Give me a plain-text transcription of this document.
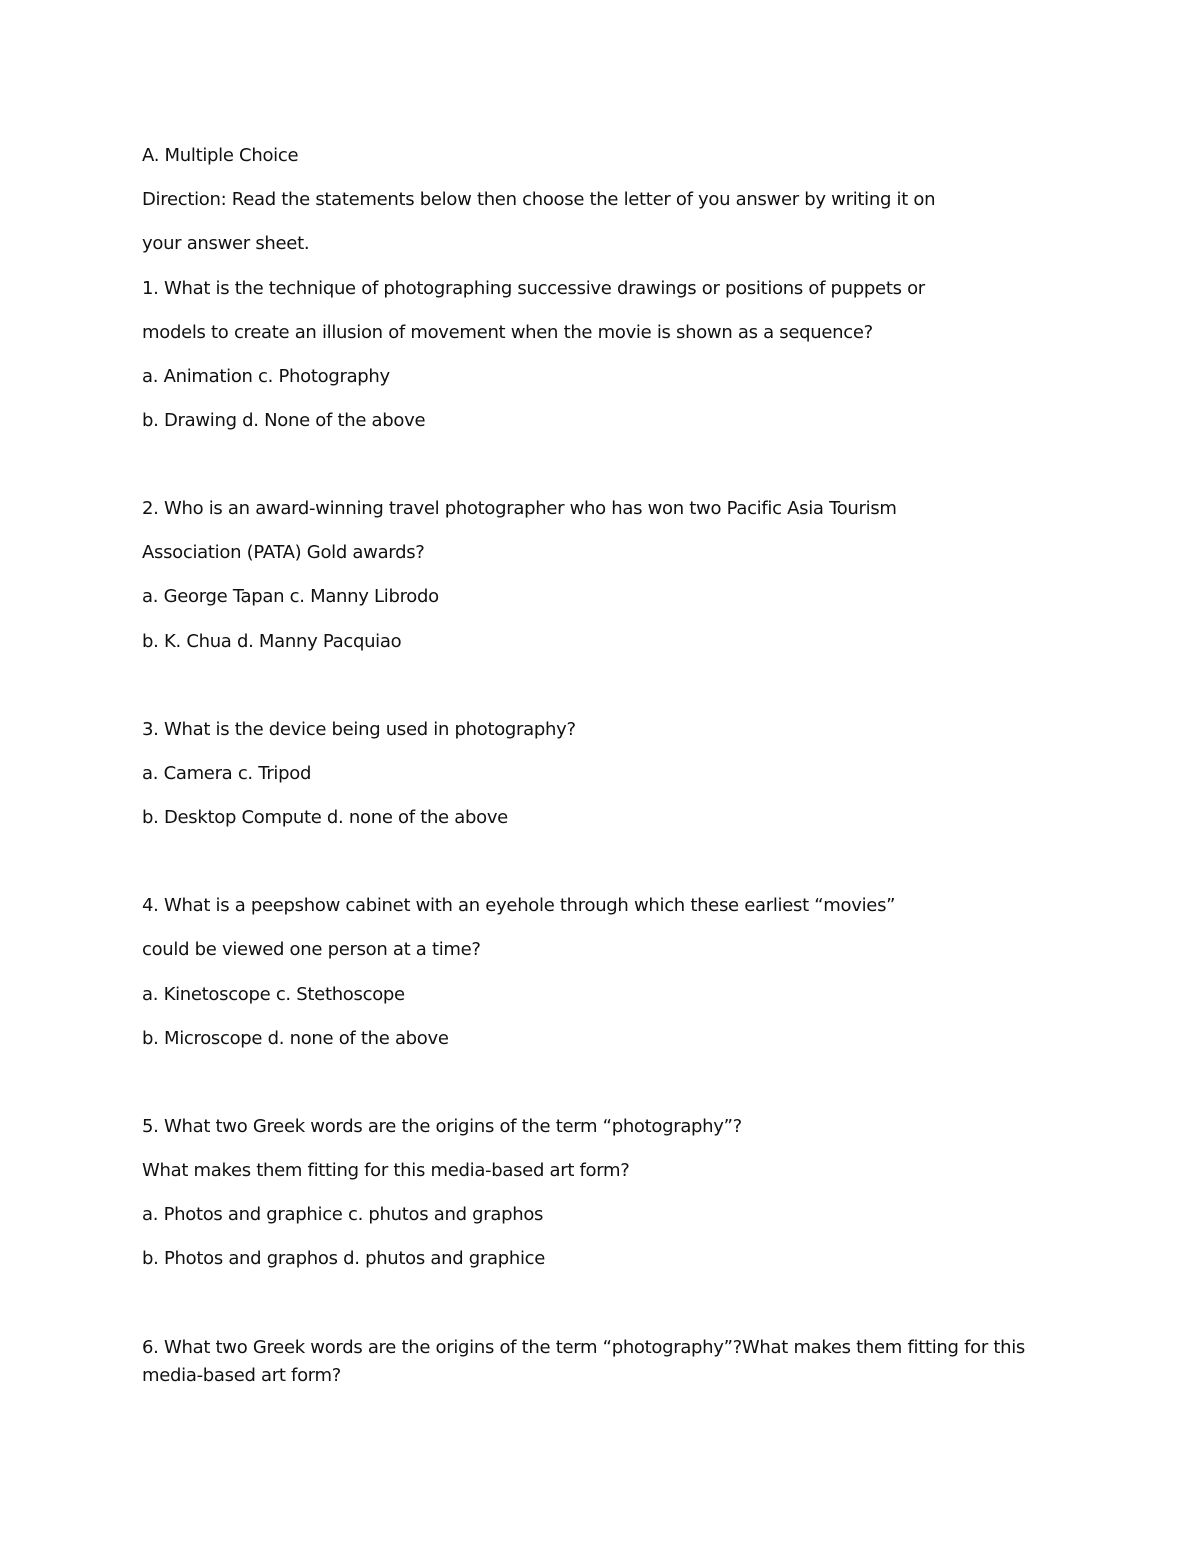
A. Multiple Choice
Direction: Read the statements below then choose the letter of you answer by writing it on
your answer sheet.
1. What is the technique of photographing successive drawings or positions of puppets or
models to create an illusion of movement when the movie is shown as a sequence?
a. Animation c. Photography
b. Drawing d. None of the above
2. Who is an award-winning travel photographer who has won two Pacific Asia Tourism
Association (PATA) Gold awards?
a. George Tapan c. Manny Librodo
b. K. Chua d. Manny Pacquiao
3. What is the device being used in photography?
a. Camera c. Tripod
b. Desktop Compute d. none of the above
4. What is a peepshow cabinet with an eyehole through which these earliest “movies”
could be viewed one person at a time?
a. Kinetoscope c. Stethoscope
b. Microscope d. none of the above
5. What two Greek words are the origins of the term “photography”?
What makes them fitting for this media-based art form?
a. Photos and graphice c. phutos and graphos
b. Photos and graphos d. phutos and graphice
6. What two Greek words are the origins of the term “photography”?What makes them fitting for this
media-based art form?
